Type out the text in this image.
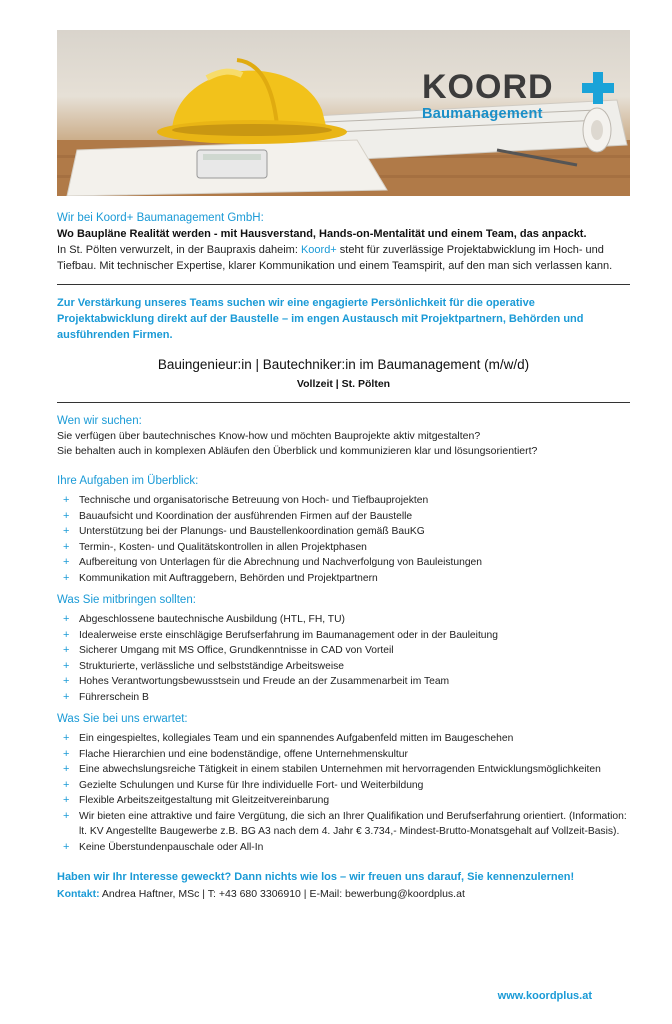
KOORD
Baumanagement

Wir bei Koord+ Baumanagement GmbH:

Wo Baupläne Realität werden - mit Hausverstand, Hands-on-Mentalität und einem Team, das anpackt.

In St. Pölten verwurzelt, in der Baupraxis daheim: Koord+ steht für zuverlässige Projektabwicklung im Hoch- und Tiefbau. Mit technischer Expertise, klarer Kommunikation und einem Teamspirit, auf den man sich verlassen kann.

Zur Verstärkung unseres Teams suchen wir eine engagierte Persönlichkeit für die operative Projektabwicklung direkt auf der Baustelle – im engen Austausch mit Projektpartnern, Behörden und ausführenden Firmen.

Bauingenieur:in | Bautechniker:in im Baumanagement (m/w/d)

Vollzeit | St. Pölten

Wen wir suchen:

Sie verfügen über bautechnisches Know-how und möchten Bauprojekte aktiv mitgestalten?

Sie behalten auch in komplexen Abläufen den Überblick und kommunizieren klar und lösungsorientiert?

Ihre Aufgaben im Überblick:

+ Technische und organisatorische Betreuung von Hoch- und Tiefbauprojekten
+ Bauaufsicht und Koordination der ausführenden Firmen auf der Baustelle
+ Unterstützung bei der Planungs- und Baustellenkoordination gemäß BauKG
+ Termin-, Kosten- und Qualitätskontrollen in allen Projektphasen
+ Aufbereitung von Unterlagen für die Abrechnung und Nachverfolgung von Bauleistungen
+ Kommunikation mit Auftraggebern, Behörden und Projektpartnern

Was Sie mitbringen sollten:

+ Abgeschlossene bautechnische Ausbildung (HTL, FH, TU)
+ Idealerweise erste einschlägige Berufserfahrung im Baumanagement oder in der Bauleitung
+ Sicherer Umgang mit MS Office, Grundkenntnisse in CAD von Vorteil
+ Strukturierte, verlässliche und selbstständige Arbeitsweise
+ Hohes Verantwortungsbewusstsein und Freude an der Zusammenarbeit im Team
+ Führerschein B

Was Sie bei uns erwartet:

+ Ein eingespieltes, kollegiales Team und ein spannendes Aufgabenfeld mitten im Baugeschehen
+ Flache Hierarchien und eine bodenständige, offene Unternehmenskultur
+ Eine abwechslungsreiche Tätigkeit in einem stabilen Unternehmen mit hervorragenden Entwicklungsmöglichkeiten
+ Gezielte Schulungen und Kurse für Ihre individuelle Fort- und Weiterbildung
+ Flexible Arbeitszeitgestaltung mit Gleitzeitvereinbarung
+ Wir bieten eine attraktive und faire Vergütung, die sich an Ihrer Qualifikation und Berufserfahrung orientiert. (Information: lt. KV Angestellte Baugewerbe z.B. BG A3 nach dem 4. Jahr € 3.734,- Mindest-Brutto-Monatsgehalt auf Vollzeit-Basis).
+ Keine Überstundenpauschale oder All-In

Haben wir Ihr Interesse geweckt? Dann nichts wie los – wir freuen uns darauf, Sie kennenzulernen!

Kontakt: Andrea Haftner, MSc | T: +43 680 3306910 | E-Mail: bewerbung@koordplus.at

www.koordplus.at
